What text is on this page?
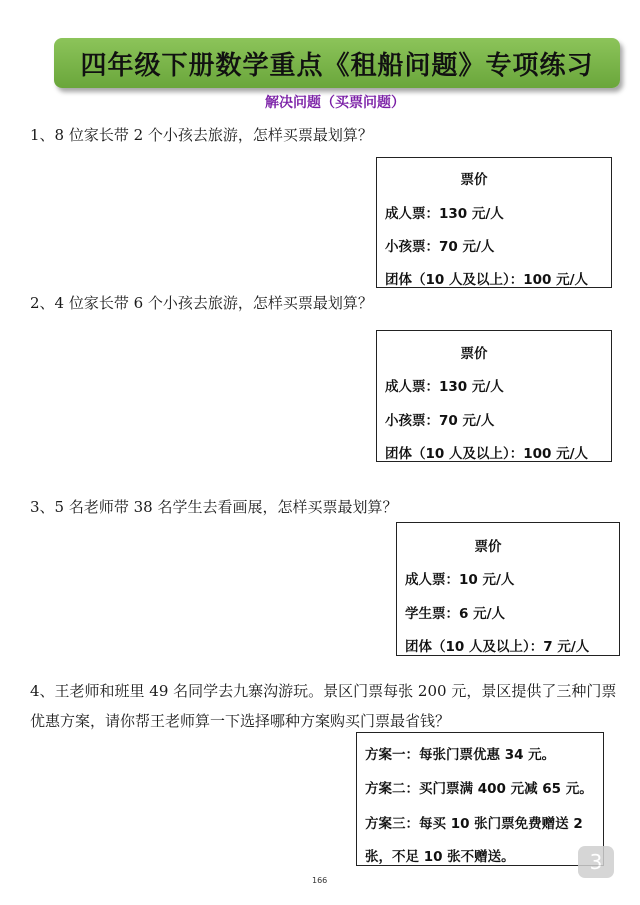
四年级下册数学重点《租船问题》专项练习
解决问题（买票问题）
1、8 位家长带 2 个小孩去旅游，怎样买票最划算？
票价
成人票：130 元/人
小孩票：70 元/人
团体（10 人及以上）：100 元/人
2、4 位家长带 6 个小孩去旅游，怎样买票最划算？
票价
成人票：130 元/人
小孩票：70 元/人
团体（10 人及以上）：100 元/人
3、5 名老师带 38 名学生去看画展，怎样买票最划算？
票价
成人票：10 元/人
学生票：6 元/人
团体（10 人及以上）：7 元/人
4、王老师和班里 49 名同学去九寨沟游玩。景区门票每张 200 元，景区提供了三种门票优惠方案，请你帮王老师算一下选择哪种方案购买门票最省钱？
方案一：每张门票优惠 34 元。
方案二：买门票满 400 元减 65 元。
方案三：每买 10 张门票免费赠送 2
张，不足 10 张不赠送。
166
3
